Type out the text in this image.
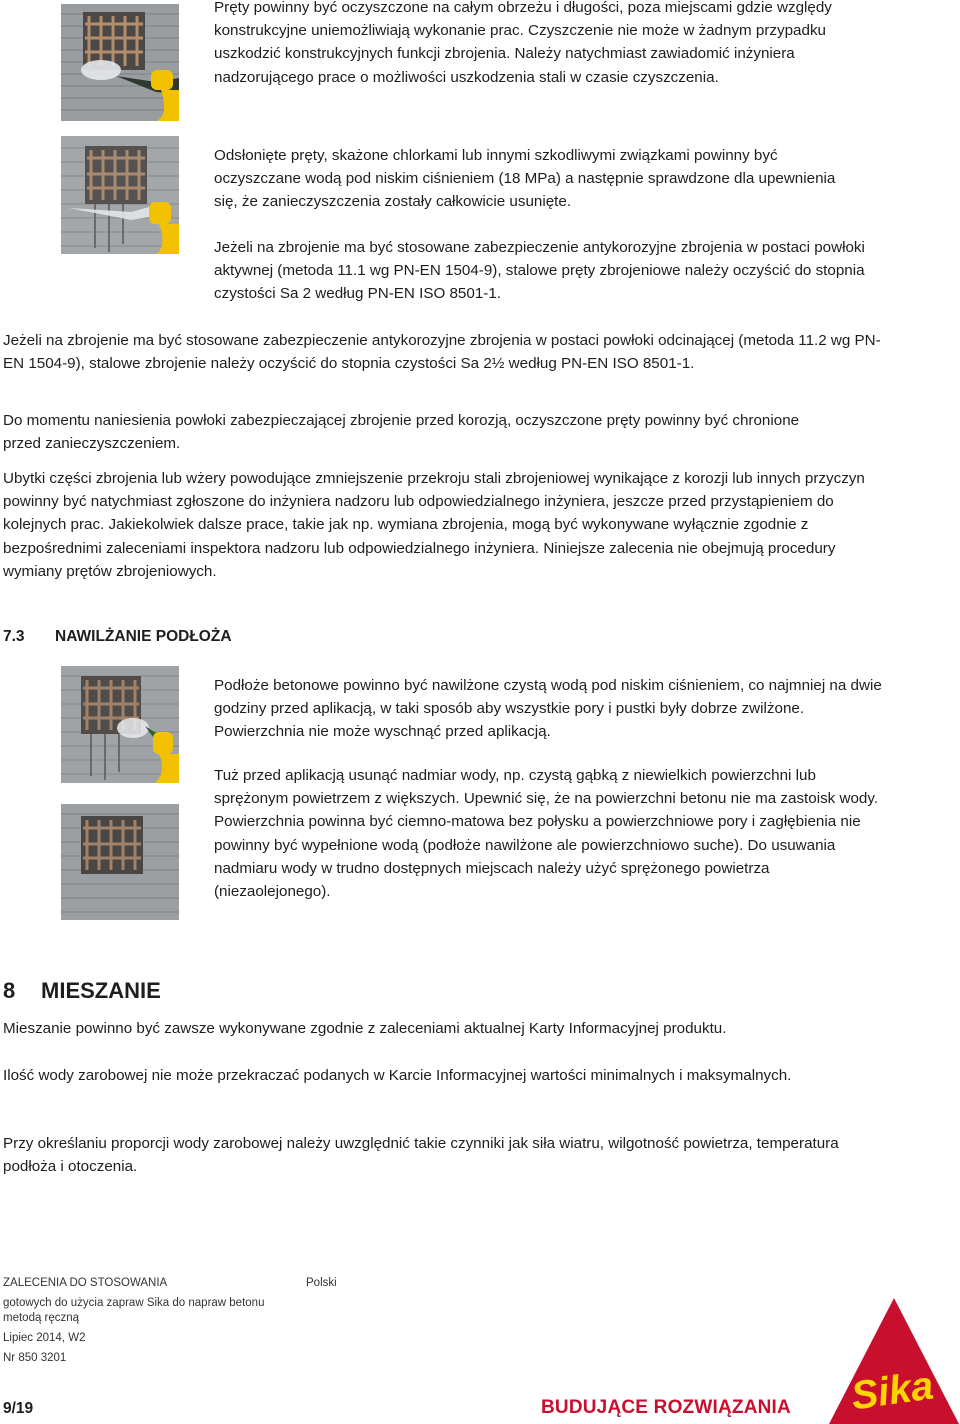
Pręty powinny być oczyszczone na całym obrzeżu i długości, poza miejscami gdzie względy konstrukcyjne uniemożliwiają wykonanie prac. Czyszczenie nie może w żadnym przypadku uszkodzić konstrukcyjnych funkcji zbrojenia. Należy natychmiast zawiadomić inżyniera nadzorującego prace o możliwości uszkodzenia stali w czasie czyszczenia.

Odsłonięte pręty, skażone chlorkami lub innymi szkodliwymi związkami powinny być oczyszczane wodą pod niskim ciśnieniem (18 MPa) a następnie sprawdzone dla upewnienia się, że zanieczyszczenia zostały całkowicie usunięte.

Jeżeli na zbrojenie ma być stosowane zabezpieczenie antykorozyjne zbrojenia w postaci powłoki aktywnej (metoda 11.1 wg PN-EN 1504-9), stalowe pręty zbrojeniowe należy oczyścić do stopnia czystości Sa 2 według PN-EN ISO 8501-1.

Jeżeli na zbrojenie ma być stosowane zabezpieczenie antykorozyjne zbrojenia w postaci powłoki odcinającej (metoda 11.2 wg PN-EN 1504-9), stalowe zbrojenie należy oczyścić do stopnia czystości Sa 2½ według PN-EN ISO 8501-1.

Do momentu naniesienia powłoki zabezpieczającej zbrojenie przed korozją, oczyszczone pręty powinny być chronione przed zanieczyszczeniem.

Ubytki części zbrojenia lub wżery powodujące zmniejszenie przekroju stali zbrojeniowej wynikające z korozji lub innych przyczyn powinny być natychmiast zgłoszone do inżyniera nadzoru lub odpowiedzialnego inżyniera, jeszcze przed przystąpieniem do kolejnych prac. Jakiekolwiek dalsze prace, takie jak np. wymiana zbrojenia, mogą być wykonywane wyłącznie zgodnie z bezpośrednimi zaleceniami inspektora nadzoru lub odpowiedzialnego inżyniera. Niniejsze zalecenia nie obejmują procedury wymiany prętów zbrojeniowych.

7.3 NAWILŻANIE PODŁOŻA

Podłoże betonowe powinno być nawilżone czystą wodą pod niskim ciśnieniem, co najmniej na dwie godziny przed aplikacją, w taki sposób aby wszystkie pory i pustki były dobrze zwilżone. Powierzchnia nie może wyschnąć przed aplikacją.

Tuż przed aplikacją usunąć nadmiar wody, np. czystą gąbką z niewielkich powierzchni lub sprężonym powietrzem z większych. Upewnić się, że na powierzchni betonu nie ma zastoisk wody. Powierzchnia powinna być ciemno-matowa bez połysku a powierzchniowe pory i zagłębienia nie powinny być wypełnione wodą (podłoże nawilżone ale powierzchniowo suche). Do usuwania nadmiaru wody w trudno dostępnych miejscach należy użyć sprężonego powietrza (niezaolejonego).

8 MIESZANIE

Mieszanie powinno być zawsze wykonywane zgodnie z zaleceniami aktualnej Karty Informacyjnej produktu.

Ilość wody zarobowej nie może przekraczać podanych w Karcie Informacyjnej wartości minimalnych i maksymalnych.

Przy określaniu proporcji wody zarobowej należy uwzględnić takie czynniki jak siła wiatru, wilgotność powietrza, temperatura podłoża i otoczenia.

ZALECENIA DO STOSOWANIA	Polski
gotowych do użycia zapraw Sika do napraw betonu metodą ręczną
Lipiec 2014, W2
Nr 850 3201
9/19	BUDUJĄCE ROZWIĄZANIA Sika
